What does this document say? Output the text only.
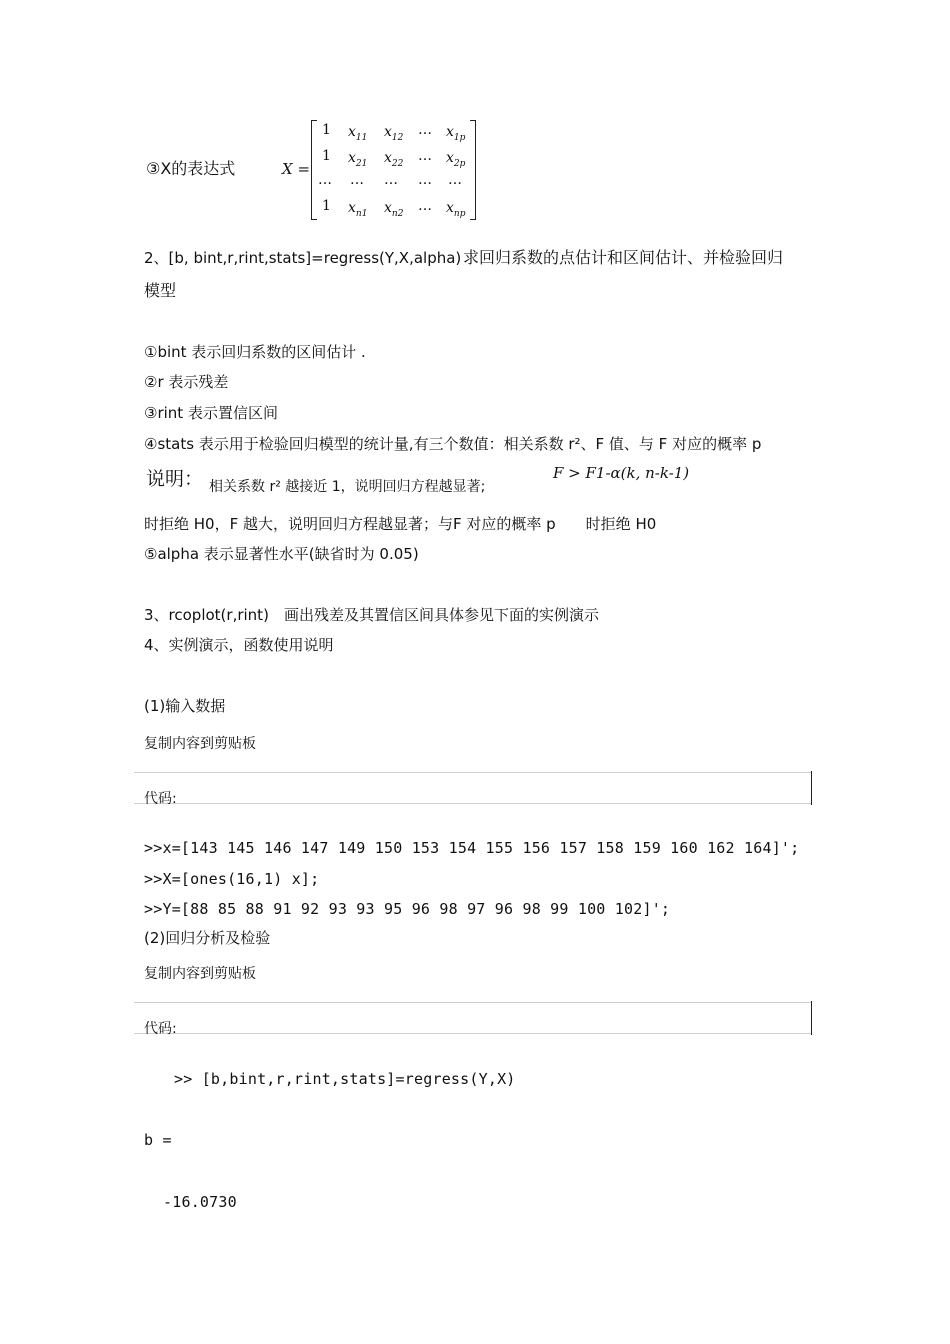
③X的表达式	X =
1 $x_{11}$ $x_{12}$ … $x_{1p}$
1 $x_{21}$ $x_{22}$ … $x_{2p}$
… … … … …
1 $x_{n1}$ $x_{n2}$ … $x_{np}$
2、[b, bint,r,rint,stats]=regress(Y,X,alpha) 求回归系数的点估计和区间估计、并检验回归
模型
①bint 表示回归系数的区间估计 .
②r 表示残差
③rint 表示置信区间
④stats 表示用于检验回归模型的统计量,有三个数值：相关系数 r²、F 值、与 F 对应的概率 p
说明： 相关系数 r² 越接近 1，说明回归方程越显著;
F > F1-α(k, n-k-1)
时拒绝 H0，F 越大，说明回归方程越显著；与F 对应的概率 p　　时拒绝 H0
⑤alpha 表示显著性水平(缺省时为 0.05)
3、rcoplot(r,rint) 画出残差及其置信区间具体参见下面的实例演示
4、实例演示，函数使用说明
(1)输入数据
复制内容到剪贴板
代码:
>>x=[143 145 146 147 149 150 153 154 155 156 157 158 159 160 162 164]';
>>X=[ones(16,1) x];
>>Y=[88 85 88 91 92 93 93 95 96 98 97 96 98 99 100 102]';
(2)回归分析及检验
复制内容到剪贴板
代码:
>> [b,bint,r,rint,stats]=regress(Y,X)
b =
-16.0730
